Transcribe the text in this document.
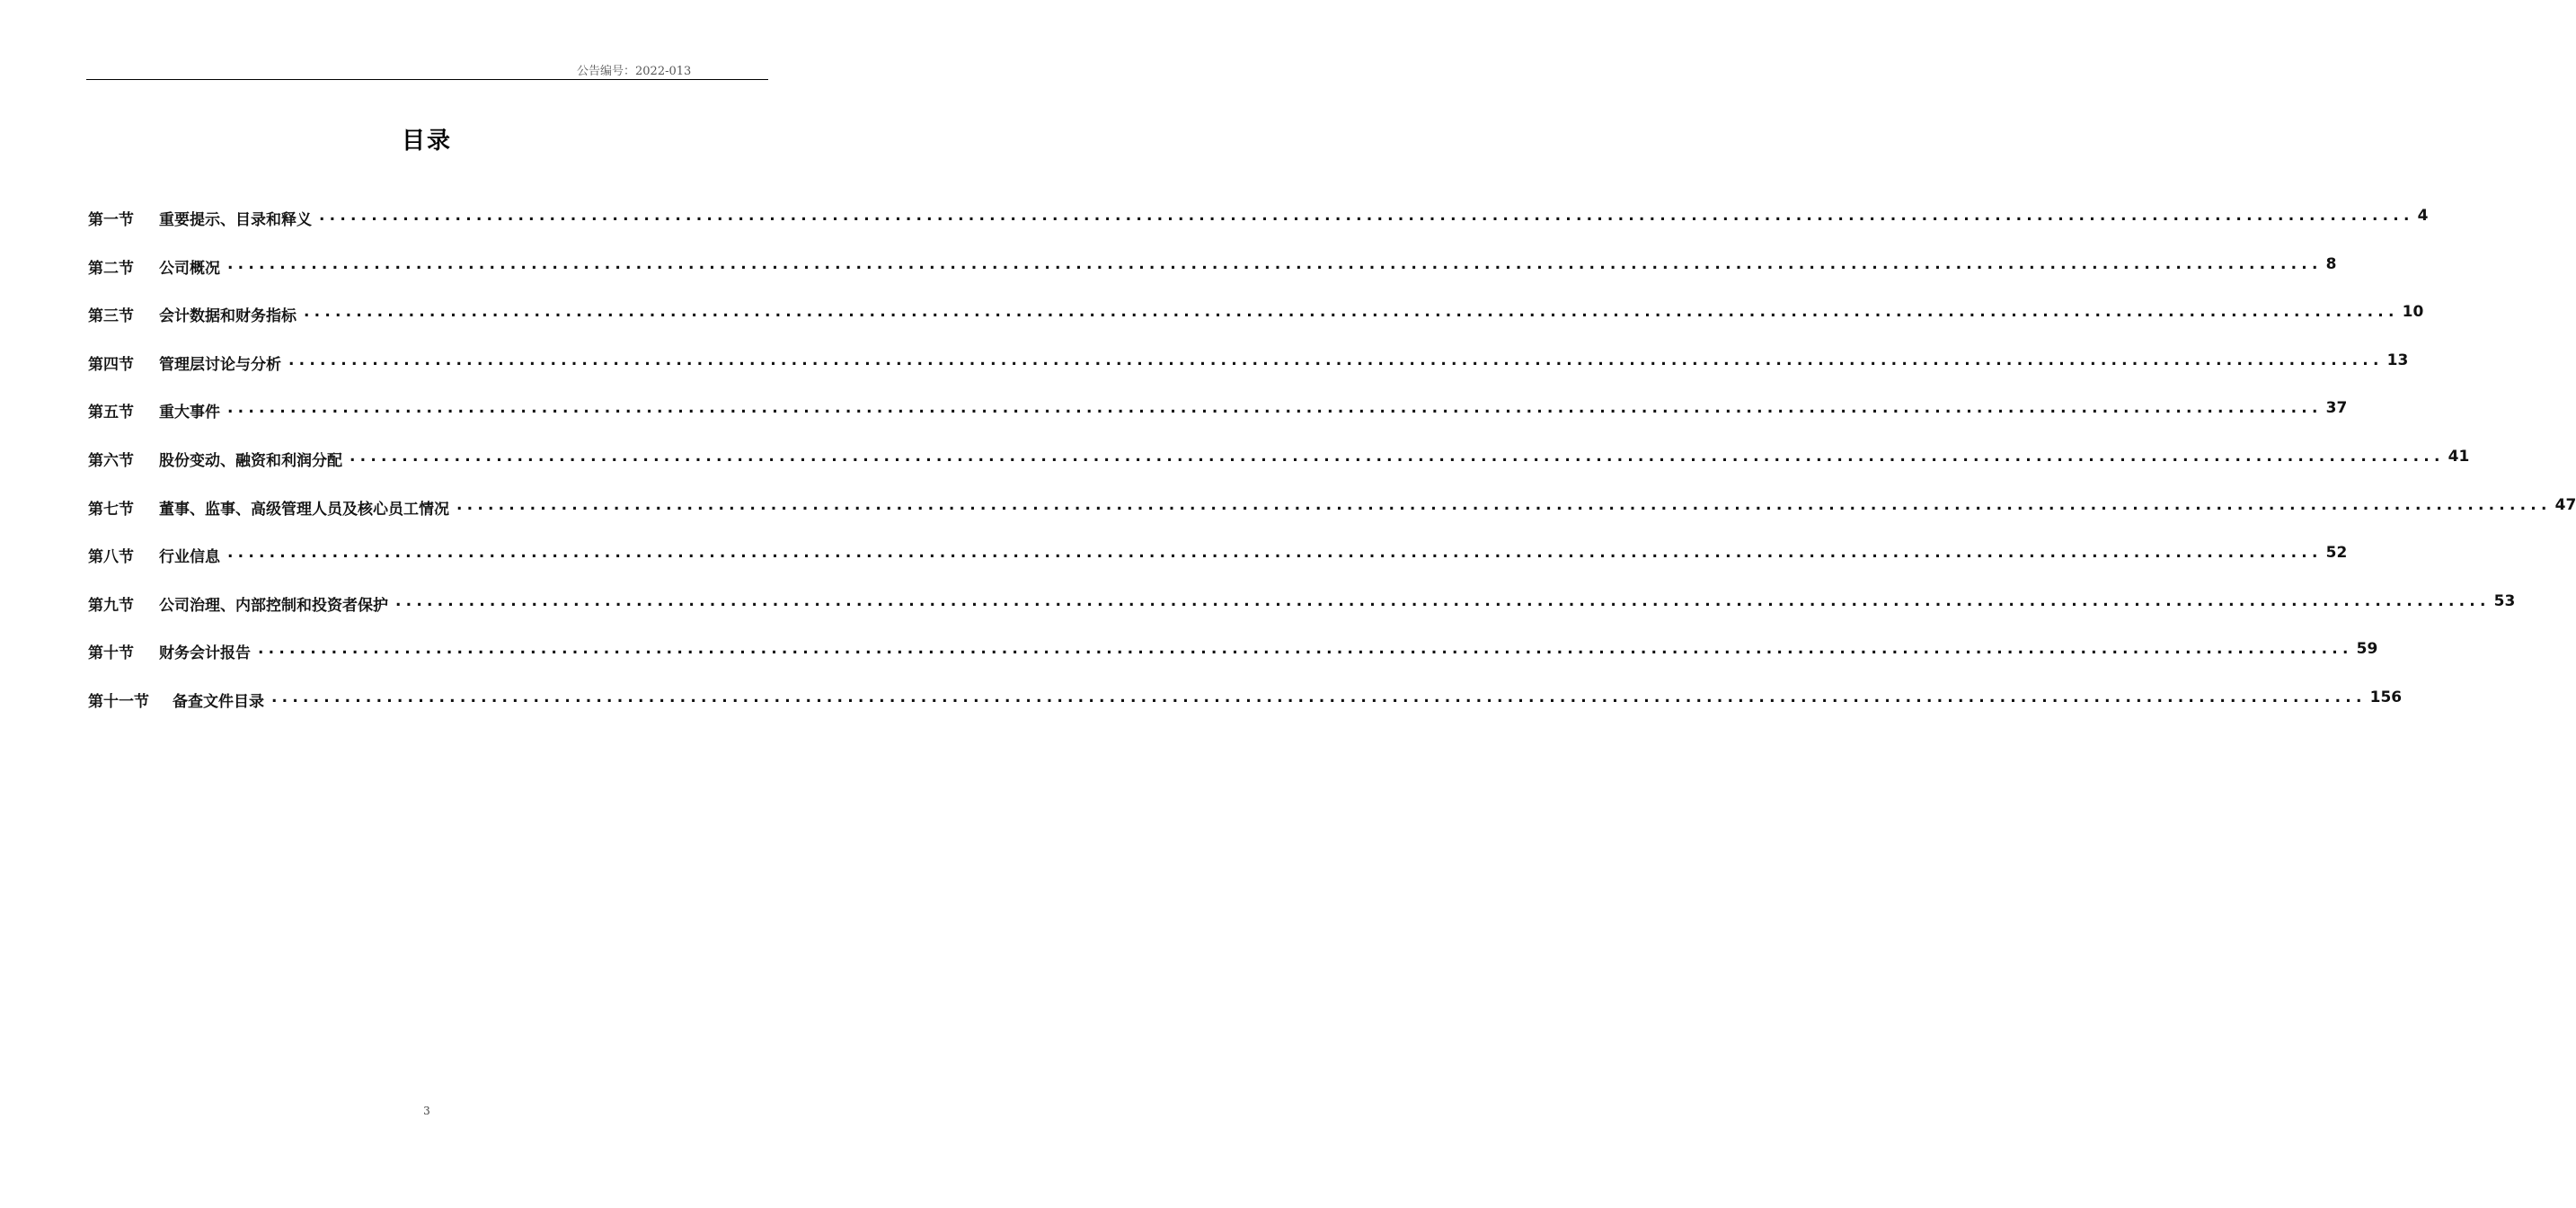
公告编号：2022-013
目录
第一节 重要提示、目录和释义 ........................................................................................................................................................................................................ 4
第二节 公司概况 ........................................................................................................................................................................................................ 8
第三节 会计数据和财务指标 ........................................................................................................................................................................................................ 10
第四节 管理层讨论与分析 ........................................................................................................................................................................................................ 13
第五节 重大事件 ........................................................................................................................................................................................................ 37
第六节 股份变动、融资和利润分配 ........................................................................................................................................................................................................ 41
第七节 董事、监事、高级管理人员及核心员工情况 ........................................................................................................................................................................................................ 47
第八节 行业信息 ........................................................................................................................................................................................................ 52
第九节 公司治理、内部控制和投资者保护 ........................................................................................................................................................................................................ 53
第十节 财务会计报告 ........................................................................................................................................................................................................ 59
第十一节 备查文件目录 ........................................................................................................................................................................................................ 156
3
